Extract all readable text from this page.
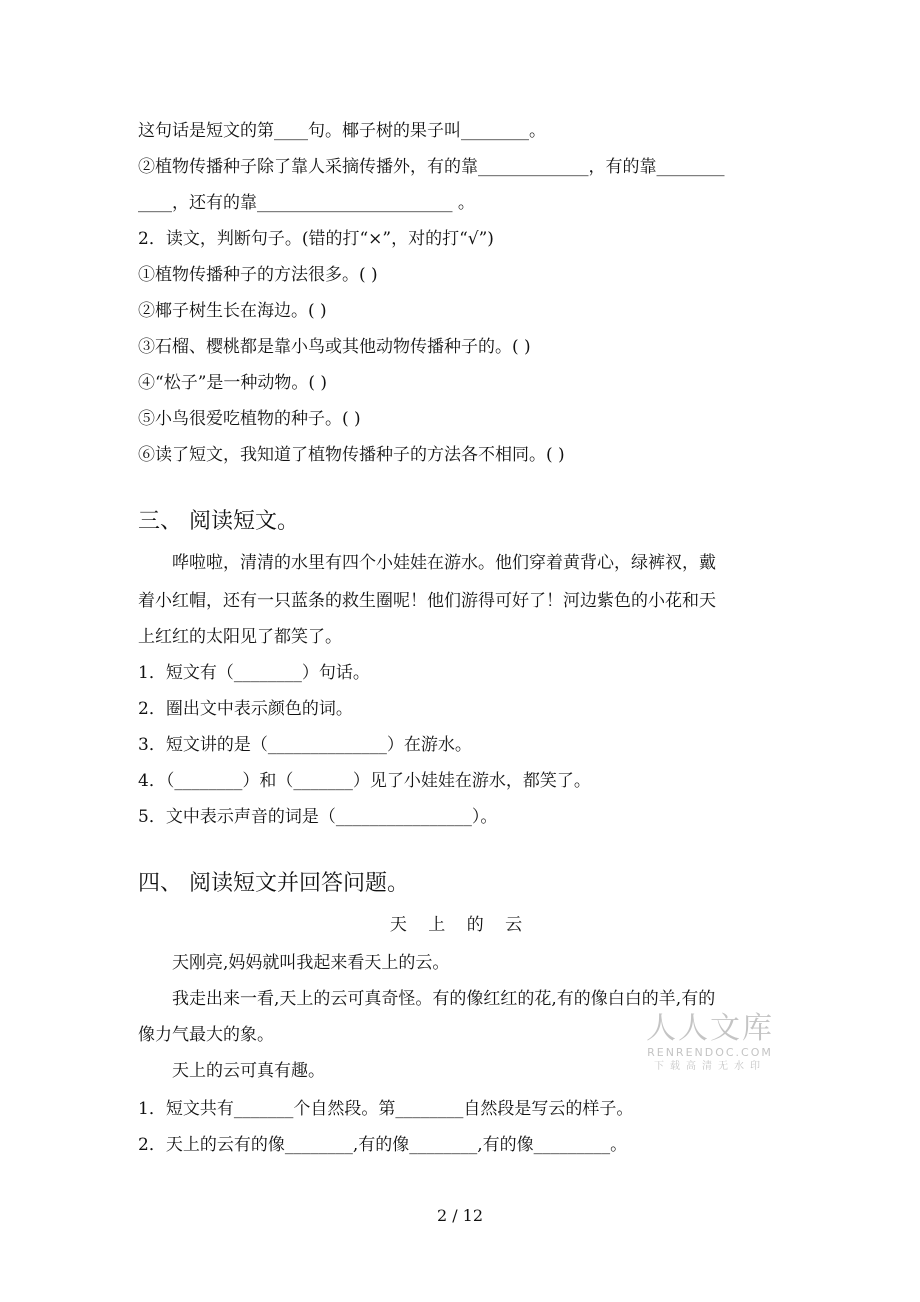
这句话是短文的第____句。椰子树的果子叫________。
②植物传播种子除了靠人采摘传播外，有的靠_____________，有的靠________
____，还有的靠_______________________ 。
2．读文，判断句子。(错的打“×”，对的打“√”)
①植物传播种子的方法很多。( )
②椰子树生长在海边。( )
③石榴、樱桃都是靠小鸟或其他动物传播种子的。( )
④“松子”是一种动物。( )
⑤小鸟很爱吃植物的种子。( )
⑥读了短文，我知道了植物传播种子的方法各不相同。( )
三、 阅读短文。
哗啦啦，清清的水里有四个小娃娃在游水。他们穿着黄背心，绿裤衩，戴
着小红帽，还有一只蓝条的救生圈呢！他们游得可好了！河边紫色的小花和天
上红红的太阳见了都笑了。
1．短文有（________）句话。
2．圈出文中表示颜色的词。
3．短文讲的是（______________）在游水。
4．（________）和（_______）见了小娃娃在游水，都笑了。
5．文中表示声音的词是（________________）。
四、 阅读短文并回答问题。
天 上 的 云
天刚亮,妈妈就叫我起来看天上的云。
我走出来一看,天上的云可真奇怪。有的像红红的花,有的像白白的羊,有的
像力气最大的象。
天上的云可真有趣。
1．短文共有_______个自然段。第________自然段是写云的样子。
2．天上的云有的像________,有的像________,有的像_________。
人人文库
RENRENDOC.COM
下载高清无水印
2 / 12
